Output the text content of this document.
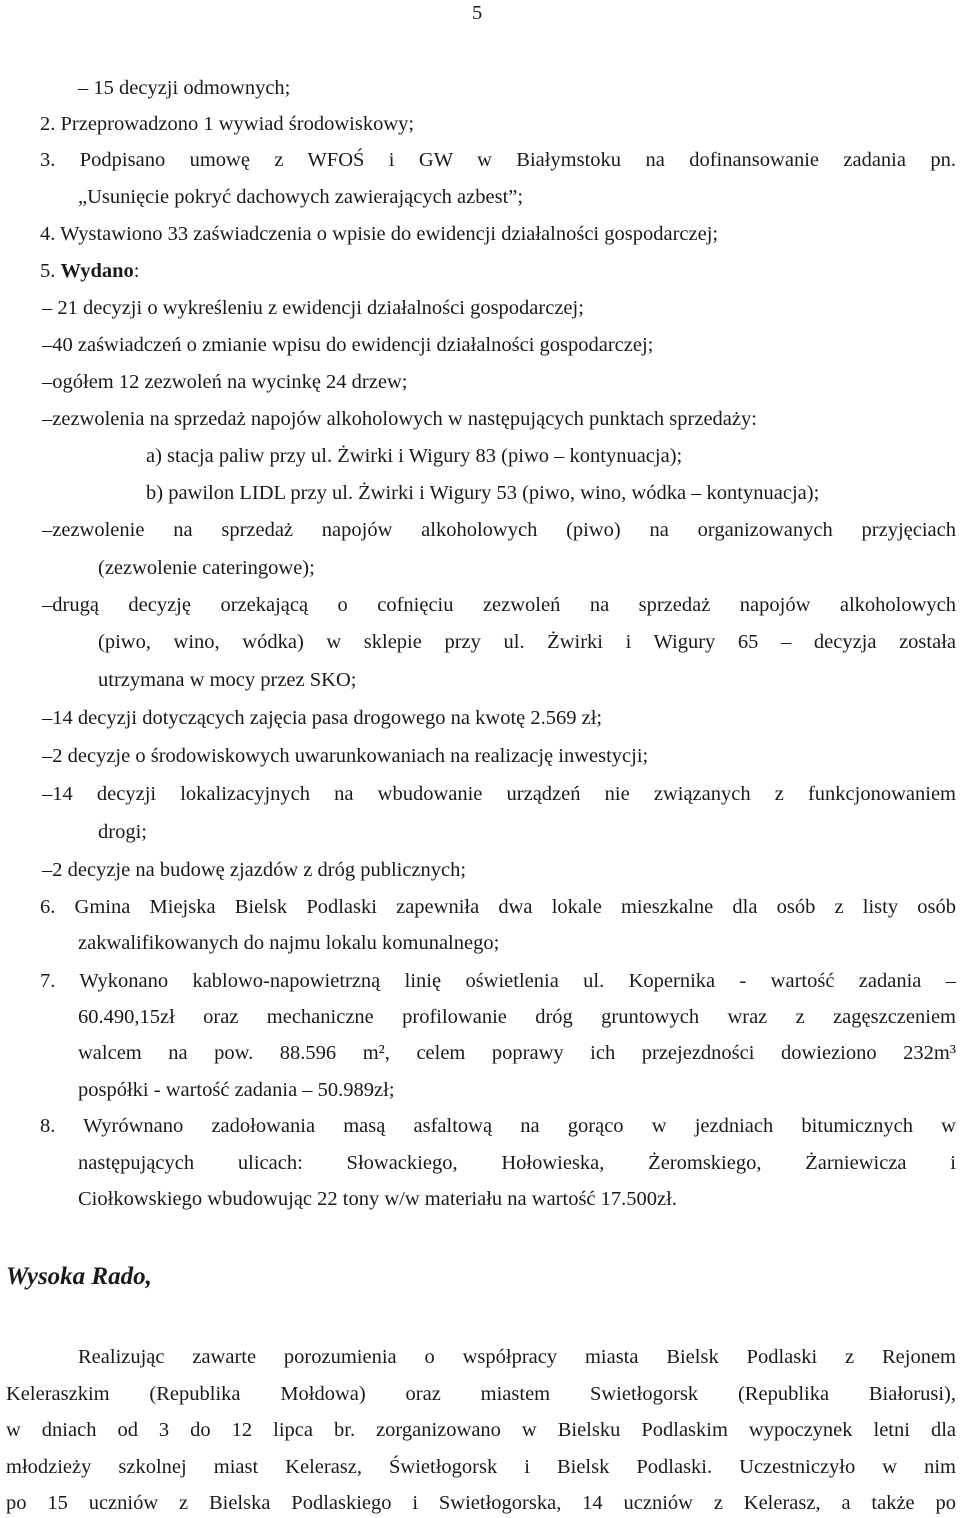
5
– 15 decyzji odmownych;
2. Przeprowadzono 1 wywiad środowiskowy;
3. Podpisano umowę z WFOŚ i GW w Białymstoku na dofinansowanie zadania pn.
„Usunięcie pokryć dachowych zawierających azbest”;
4. Wystawiono 33 zaświadczenia o wpisie do ewidencji działalności gospodarczej;
5. Wydano:
– 21 decyzji o wykreśleniu z ewidencji działalności gospodarczej;
–40 zaświadczeń o zmianie wpisu do ewidencji działalności gospodarczej;
–ogółem 12 zezwoleń na wycinkę 24 drzew;
–zezwolenia na sprzedaż napojów alkoholowych w następujących punktach sprzedaży:
a) stacja paliw przy ul. Żwirki i Wigury 83 (piwo – kontynuacja);
b) pawilon LIDL przy ul. Żwirki i Wigury 53 (piwo, wino, wódka – kontynuacja);
–zezwolenie na sprzedaż napojów alkoholowych (piwo) na organizowanych przyjęciach
(zezwolenie cateringowe);
–drugą decyzję orzekającą o cofnięciu zezwoleń na sprzedaż napojów alkoholowych
(piwo, wino, wódka) w sklepie przy ul. Żwirki i Wigury 65 – decyzja została
utrzymana w mocy przez SKO;
–14 decyzji dotyczących zajęcia pasa drogowego na kwotę 2.569 zł;
–2 decyzje o środowiskowych uwarunkowaniach na realizację inwestycji;
–14 decyzji lokalizacyjnych na wbudowanie urządzeń nie związanych z funkcjonowaniem
drogi;
–2 decyzje na budowę zjazdów z dróg publicznych;
6. Gmina Miejska Bielsk Podlaski zapewniła dwa lokale mieszkalne dla osób z listy osób
zakwalifikowanych do najmu lokalu komunalnego;
7. Wykonano kablowo-napowietrzną linię oświetlenia ul. Kopernika - wartość zadania –
60.490,15zł oraz mechaniczne profilowanie dróg gruntowych wraz z zagęszczeniem
walcem na pow. 88.596 m², celem poprawy ich przejezdności dowieziono 232m³
pospółki - wartość zadania – 50.989zł;
8. Wyrównano zadołowania masą asfaltową na gorąco w jezdniach bitumicznych w
następujących ulicach: Słowackiego, Hołowieska, Żeromskiego, Żarniewicza i
Ciołkowskiego wbudowując 22 tony w/w materiału na wartość 17.500zł.
Wysoka Rado,
Realizując zawarte porozumienia o współpracy miasta Bielsk Podlaski z Rejonem
Keleraszkim (Republika Mołdowa) oraz miastem Swietłogorsk (Republika Białorusi),
w dniach od 3 do 12 lipca br. zorganizowano w Bielsku Podlaskim wypoczynek letni dla
młodzieży szkolnej miast Kelerasz, Świetłogorsk i Bielsk Podlaski. Uczestniczyło w nim
po 15 uczniów z Bielska Podlaskiego i Swietłogorska, 14 uczniów z Kelerasz, a także po
